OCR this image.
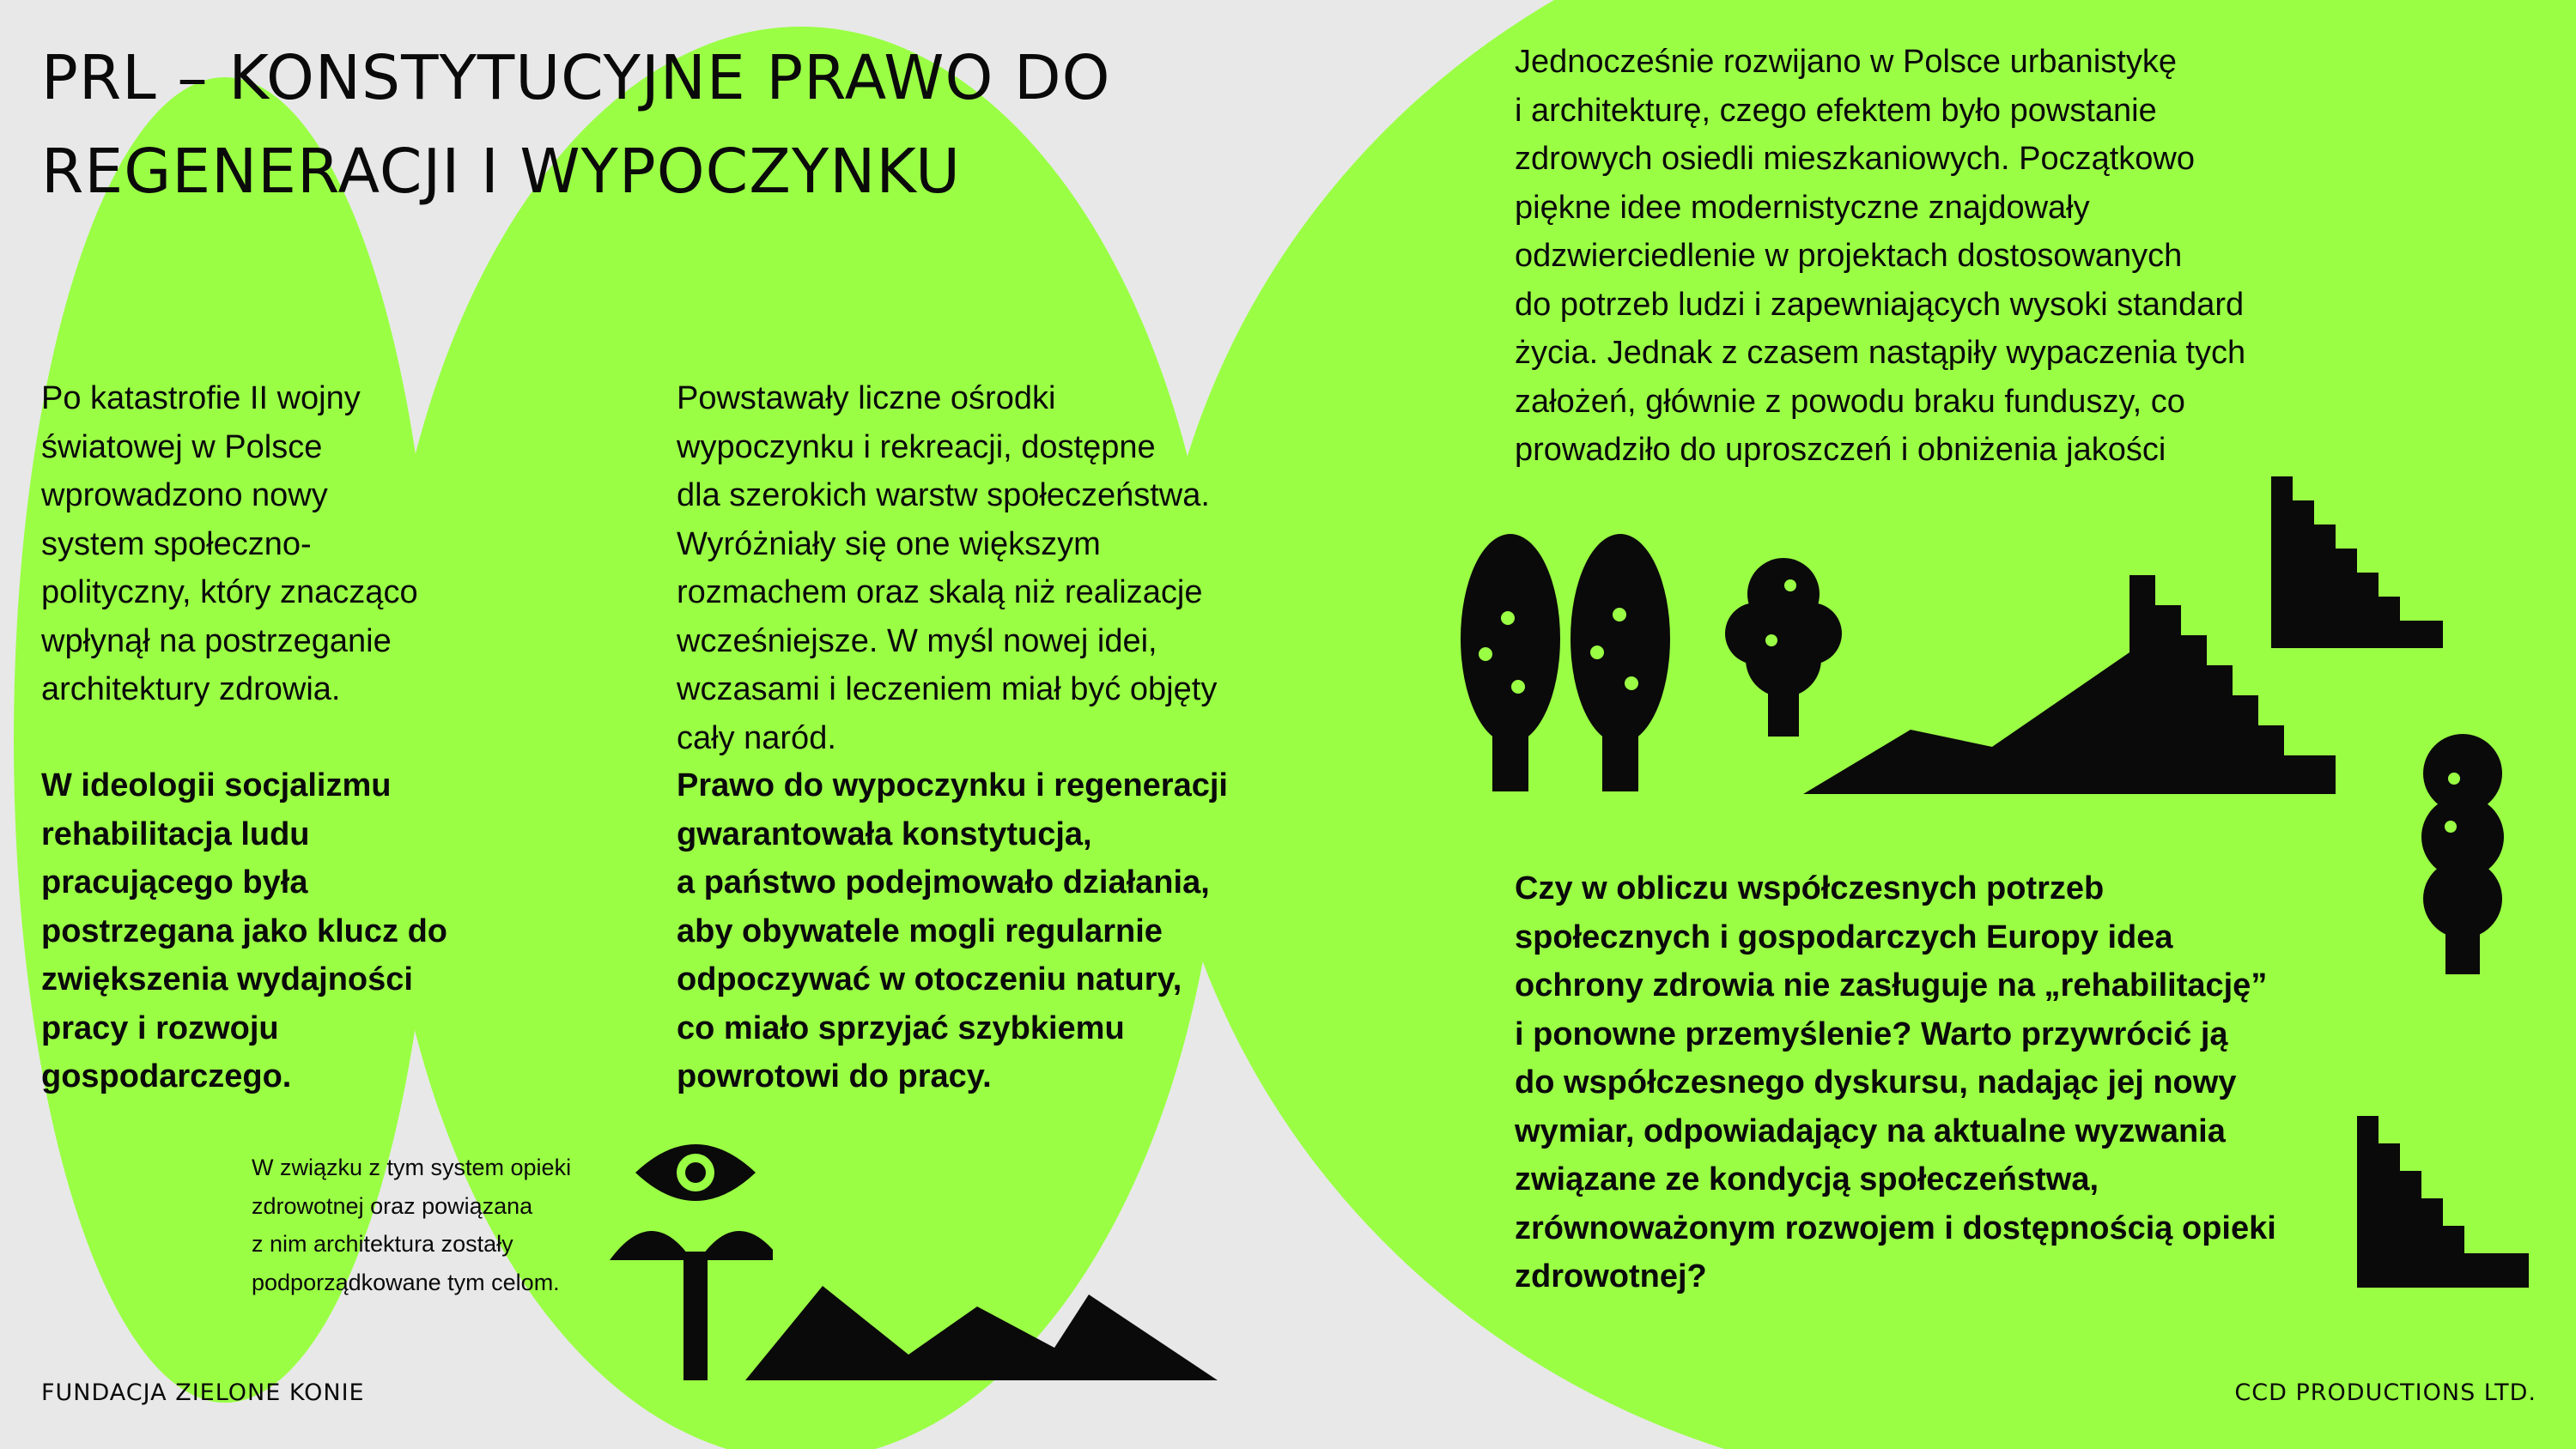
PRL – KONSTYTUCYJNE PRAWO DO
REGENERACJI I WYPOCZYNKU

Po katastrofie II wojny
światowej w Polsce
wprowadzono nowy
system społeczno-
polityczny, który znacząco
wpłynął na postrzeganie
architektury zdrowia.

W ideologii socjalizmu
rehabilitacja ludu
pracującego była
postrzegana jako klucz do
zwiększenia wydajności
pracy i rozwoju
gospodarczego.

Powstawały liczne ośrodki
wypoczynku i rekreacji, dostępne
dla szerokich warstw społeczeństwa.
Wyróżniały się one większym
rozmachem oraz skalą niż realizacje
wcześniejsze. W myśl nowej idei,
wczasami i leczeniem miał być objęty
cały naród.

Prawo do wypoczynku i regeneracji
gwarantowała konstytucja,
a państwo podejmowało działania,
aby obywatele mogli regularnie
odpoczywać w otoczeniu natury,
co miało sprzyjać szybkiemu
powrotowi do pracy.

W związku z tym system opieki
zdrowotnej oraz powiązana
z nim architektura zostały
podporządkowane tym celom.

Jednocześnie rozwijano w Polsce urbanistykę
i architekturę, czego efektem było powstanie
zdrowych osiedli mieszkaniowych. Początkowo
piękne idee modernistyczne znajdowały
odzwierciedlenie w projektach dostosowanych
do potrzeb ludzi i zapewniających wysoki standard
życia. Jednak z czasem nastąpiły wypaczenia tych
założeń, głównie z powodu braku funduszy, co
prowadziło do uproszczeń i obniżenia jakości

Czy w obliczu współczesnych potrzeb
społecznych i gospodarczych Europy idea
ochrony zdrowia nie zasługuje na „rehabilitację”
i ponowne przemyślenie? Warto przywrócić ją
do współczesnego dyskursu, nadając jej nowy
wymiar, odpowiadający na aktualne wyzwania
związane ze kondycją społeczeństwa,
zrównoważonym rozwojem i dostępnością opieki
zdrowotnej?

FUNDACJA ZIELONE KONIE	CCD PRODUCTIONS LTD.
